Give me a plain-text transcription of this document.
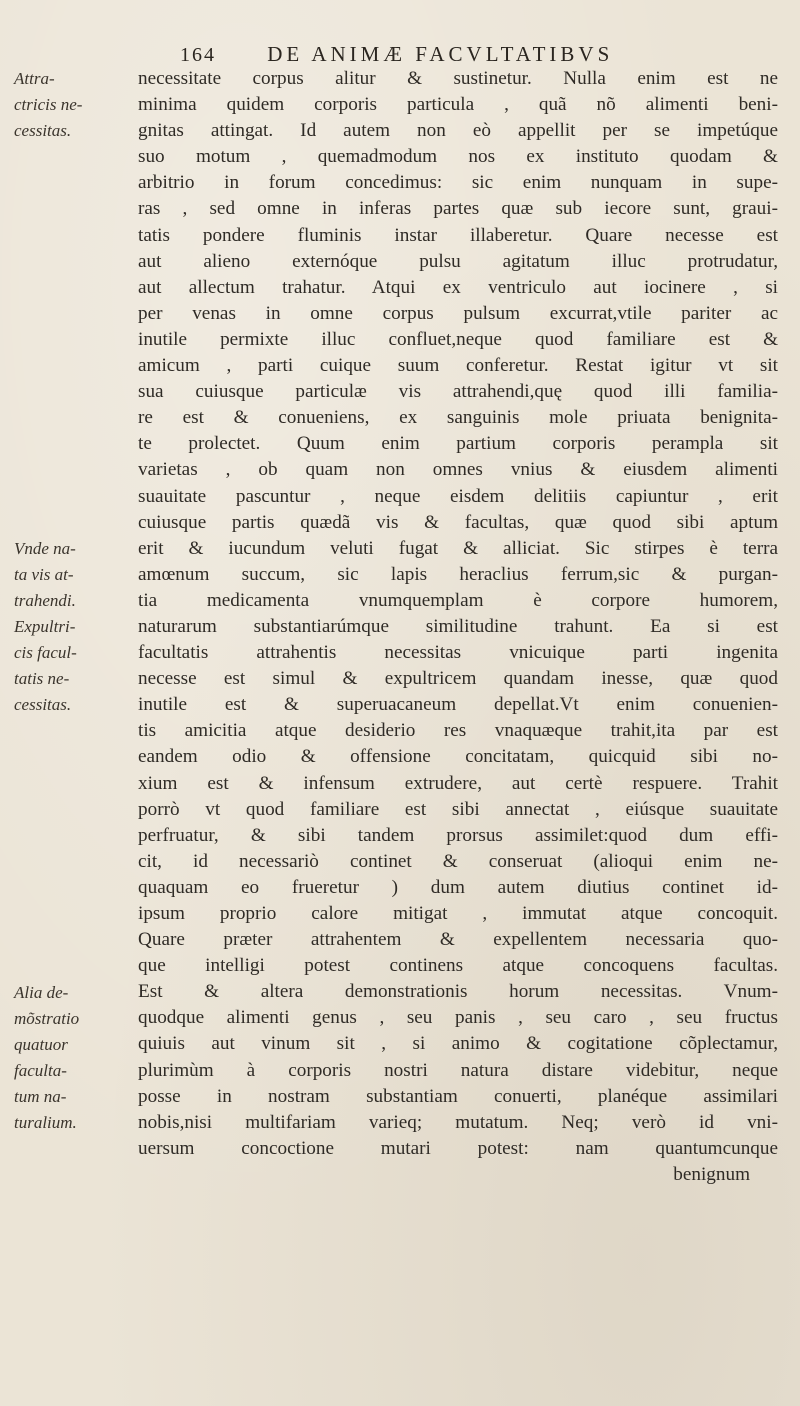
164 DE ANIMÆ FACVLTATIBVS
necessitate corpus alitur & sustinetur. Nulla enim est ne
minima quidem corporis particula , quã nõ alimenti beni-
gnitas attingat. Id autem non eò appellit per se impetúque
suo motum , quemadmodum nos ex instituto quodam &
arbitrio in forum concedimus: sic enim nunquam in supe-
ras , sed omne in inferas partes quæ sub iecore sunt, graui-
tatis pondere fluminis instar illaberetur. Quare necesse est
aut alieno externóque pulsu agitatum illuc protrudatur,
aut allectum trahatur. Atqui ex ventriculo aut iocinere , si
per venas in omne corpus pulsum excurrat,vtile pariter ac
inutile permixte illuc confluet,neque quod familiare est &
amicum , parti cuique suum conferetur. Restat igitur vt sit
sua cuiusque particulæ vis attrahendi,quę quod illi familia-
re est & conueniens, ex sanguinis mole priuata benignita-
te prolectet. Quum enim partium corporis perampla sit
varietas , ob quam non omnes vnius & eiusdem alimenti
suauitate pascuntur , neque eisdem delitiis capiuntur , erit
cuiusque partis quædã vis & facultas, quæ quod sibi aptum
erit & iucundum veluti fugat & alliciat. Sic stirpes è terra
amœnum succum, sic lapis heraclius ferrum,sic & purgan-
tia medicamenta vnumquemplam è corpore humorem,
naturarum substantiarúmque similitudine trahunt. Ea si est
facultatis attrahentis necessitas vnicuique parti ingenita
necesse est simul & expultricem quandam inesse, quæ quod
inutile est & superuacaneum depellat.Vt enim conuenien-
tis amicitia atque desiderio res vnaquæque trahit,ita par est
eandem odio & offensione concitatam, quicquid sibi no-
xium est & infensum extrudere, aut certè respuere. Trahit
porrò vt quod familiare est sibi annectat , eiúsque suauitate
perfruatur, & sibi tandem prorsus assimilet:quod dum effi-
cit, id necessariò continet & conseruat (alioqui enim ne-
quaquam eo frueretur ) dum autem diutius continet id-
ipsum proprio calore mitigat , immutat atque concoquit.
Quare præter attrahentem & expellentem necessaria quo-
que intelligi potest continens atque concoquens facultas.
Est & altera demonstrationis horum necessitas. Vnum-
quodque alimenti genus , seu panis , seu caro , seu fructus
quiuis aut vinum sit , si animo & cogitatione cõplectamur,
plurimùm à corporis nostri natura distare videbitur, neque
posse in nostram substantiam conuerti, planéque assimilari
nobis,nisi multifariam varieq; mutatum. Neq; verò id vni-
uersum concoctione mutari potest: nam quantumcunque
benignum
Attra-
ctricis ne-
cessitas.
Vnde na-
ta vis at-
trahendi.
Expultri-
cis facul-
tatis ne-
cessitas.
Alia de-
mõstratio
quatuor
faculta-
tum na-
turalium.
